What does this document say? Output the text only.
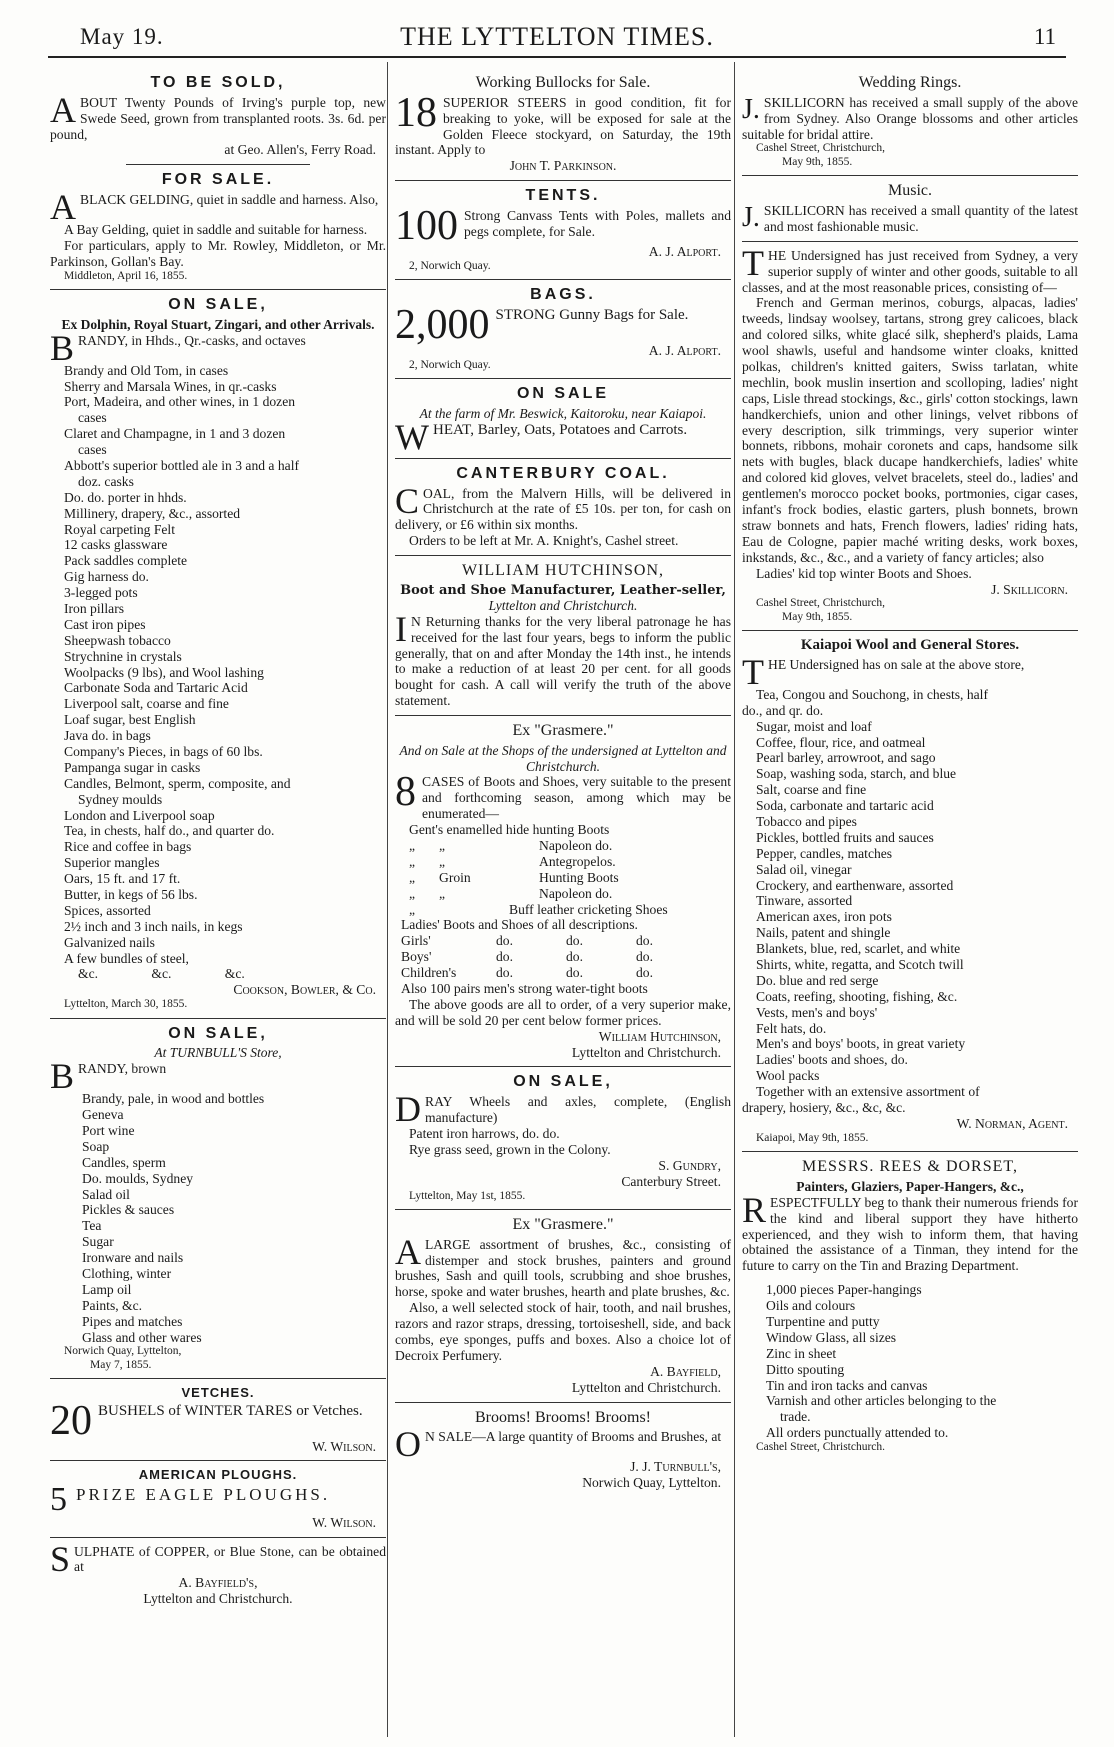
May 19.	THE LYTTELTON TIMES.	11
TO BE SOLD,

ABOUT Twenty Pounds of Irving's purple top, new Swede Seed, grown from transplanted roots. 3s. 6d. per pound,

at Geo. Allen's, Ferry Road.
FOR SALE.

ABLACK GELDING, quiet in saddle and harness. Also,

A Bay Gelding, quiet in saddle and suitable for harness.

For particulars, apply to Mr. Rowley, Middleton, or Mr. Parkinson, Gollan's Bay.

Middleton, April 16, 1855.
ON SALE,
Ex Dolphin, Royal Stuart, Zingari, and other Arrivals.

BRANDY, in Hhds., Qr.-casks, and octaves

Brandy and Old Tom, in cases
Sherry and Marsala Wines, in qr.-casks
Port, Madeira, and other wines, in 1 dozen
cases
Claret and Champagne, in 1 and 3 dozen
cases
Abbott's superior bottled ale in 3 and a half
doz. casks
Do. do. porter in hhds.
Millinery, drapery, &c., assorted
Royal carpeting Felt
12 casks glassware
Pack saddles complete
Gig harness do.
3-legged pots
Iron pillars
Cast iron pipes
Sheepwash tobacco
Strychnine in crystals
Woolpacks (9 lbs), and Wool lashing
Carbonate Soda and Tartaric Acid
Liverpool salt, coarse and fine
Loaf sugar, best English
Java do. in bags
Company's Pieces, in bags of 60 lbs.
Pampanga sugar in casks
Candles, Belmont, sperm, composite, and
Sydney moulds
London and Liverpool soap
Tea, in chests, half do., and quarter do.
Rice and coffee in bags
Superior mangles
Oars, 15 ft. and 17 ft.
Butter, in kegs of 56 lbs.
Spices, assorted
2½ inch and 3 inch nails, in kegs
Galvanized nails
A few bundles of steel,
&c. &c. &c.
Cookson, Bowler, & Co.
Lyttelton, March 30, 1855.
ON SALE,
At TURNBULL'S Store,

BRANDY, brown

Brandy, pale, in wood and bottles
Geneva
Port wine
Soap
Candles, sperm
Do. moulds, Sydney
Salad oil
Pickles & sauces
Tea
Sugar
Ironware and nails
Clothing, winter
Lamp oil
Paints, &c.
Pipes and matches
Glass and other wares
Norwich Quay, Lyttelton,
May 7, 1855.
VETCHES.

20 BUSHELS of WINTER TARES or Vetches.

W. Wilson.
AMERICAN PLOUGHS.

5 PRIZE EAGLE PLOUGHS.

W. Wilson.

SULPHATE of COPPER, or Blue Stone, can be obtained at

A. Bayfield's,
Lyttelton and Christchurch.
Working Bullocks for Sale.

18 SUPERIOR STEERS in good condition, fit for breaking to yoke, will be exposed for sale at the Golden Fleece stockyard, on Saturday, the 19th instant. Apply to

John T. Parkinson.
TENTS.

100 Strong Canvass Tents with Poles, mallets and pegs complete, for Sale.

A. J. Alport.
2, Norwich Quay.
BAGS.

2,000 STRONG Gunny Bags for Sale.

A. J. Alport.
2, Norwich Quay.
ON SALE
At the farm of Mr. Beswick, Kaitoroku, near Kaiapoi.

WHEAT, Barley, Oats, Potatoes and Carrots.

CANTERBURY COAL.

COAL, from the Malvern Hills, will be delivered in Christchurch at the rate of £5 10s. per ton, for cash on delivery, or £6 within six months.

Orders to be left at Mr. A. Knight's, Cashel street.

WILLIAM HUTCHINSON,
Boot and Shoe Manufacturer, Leather-seller,
Lyttelton and Christchurch.

I N Returning thanks for the very liberal patronage he has received for the last four years, begs to inform the public generally, that on and after Monday the 14th inst., he intends to make a reduction of at least 20 per cent. for all goods bought for cash. A call will verify the truth of the above statement.

Ex "Grasmere."
And on Sale at the Shops of the undersigned at Lyttelton and Christchurch.

8 CASES of Boots and Shoes, very suitable to the present and forthcoming season, among which may be enumerated—

Gent's enamelled hide hunting Boots
„	„	Napoleon do.
„	„	Antegropelos.
„	Groin	Hunting Boots
„	„	Napoleon do.
„	Buff leather cricketing Shoes
Ladies' Boots and Shoes of all descriptions.
Girls'	do.	do.	do.
Boys'	do.	do.	do.
Children's	do.	do.	do.
Also 100 pairs men's strong water-tight boots

The above goods are all to order, of a very superior make, and will be sold 20 per cent below former prices.

William Hutchinson,
Lyttelton and Christchurch.
ON SALE,

DRAY Wheels and axles, complete, (English manufacture)

Patent iron harrows, do. do.
Rye grass seed, grown in the Colony.
S. Gundry,
Canterbury Street.
Lyttelton, May 1st, 1855.
Ex "Grasmere."

ALARGE assortment of brushes, &c., consisting of distemper and stock brushes, painters and ground brushes, Sash and quill tools, scrubbing and shoe brushes, horse, spoke and water brushes, hearth and plate brushes, &c.

Also, a well selected stock of hair, tooth, and nail brushes, razors and razor straps, dressing, tortoiseshell, side, and back combs, eye sponges, puffs and boxes. Also a choice lot of Decroix Perfumery.

A. Bayfield,
Lyttelton and Christchurch.
Brooms! Brooms! Brooms!

O N SALE—A large quantity of Brooms and Brushes, at

J. J. Turnbull's,
Norwich Quay, Lyttelton.
Wedding Rings.

J. SKILLICORN has received a small supply of the above from Sydney. Also Orange blossoms and other articles suitable for bridal attire.

Cashel Street, Christchurch,
May 9th, 1855.
Music.

J. SKILLICORN has received a small quantity of the latest and most fashionable music.

THE Undersigned has just received from Sydney, a very superior supply of winter and other goods, suitable to all classes, and at the most reasonable prices, consisting of—

French and German merinos, coburgs, alpacas, ladies' tweeds, lindsay woolsey, tartans, strong grey calicoes, black and colored silks, white glacé silk, shepherd's plaids, Lama wool shawls, useful and handsome winter cloaks, knitted polkas, children's knitted gaiters, Swiss tarlatan, white mechlin, book muslin insertion and scolloping, ladies' night caps, Lisle thread stockings, &c., girls' cotton stockings, lawn handkerchiefs, union and other linings, velvet ribbons of every description, silk trimmings, very superior winter bonnets, ribbons, mohair coronets and caps, handsome silk nets with bugles, black ducape handkerchiefs, ladies' white and colored kid gloves, velvet bracelets, steel do., ladies' and gentlemen's morocco pocket books, portmonies, cigar cases, infant's frock bodies, elastic garters, plush bonnets, brown straw bonnets and hats, French flowers, ladies' riding hats, Eau de Cologne, papier maché writing desks, work boxes, inkstands, &c., &c., and a variety of fancy articles; also

Ladies' kid top winter Boots and Shoes.

J. Skillicorn.
Cashel Street, Christchurch,
May 9th, 1855.
Kaiapoi Wool and General Stores.

THE Undersigned has on sale at the above store,

Tea, Congou and Souchong, in chests, half
do., and qr. do.
Sugar, moist and loaf
Coffee, flour, rice, and oatmeal
Pearl barley, arrowroot, and sago
Soap, washing soda, starch, and blue
Salt, coarse and fine
Soda, carbonate and tartaric acid
Tobacco and pipes
Pickles, bottled fruits and sauces
Pepper, candles, matches
Salad oil, vinegar
Crockery, and earthenware, assorted
Tinware, assorted
American axes, iron pots
Nails, patent and shingle
Blankets, blue, red, scarlet, and white
Shirts, white, regatta, and Scotch twill
Do. blue and red serge
Coats, reefing, shooting, fishing, &c.
Vests, men's and boys'
Felt hats, do.
Men's and boys' boots, in great variety
Ladies' boots and shoes, do.
Wool packs
Together with an extensive assortment of
drapery, hosiery, &c., &c, &c.
W. Norman, Agent.
Kaiapoi, May 9th, 1855.
MESSRS. REES & DORSET,
Painters, Glaziers, Paper-Hangers, &c.,

RESPECTFULLY beg to thank their numerous friends for the kind and liberal support they have hitherto experienced, and they wish to inform them, that having obtained the assistance of a Tinman, they intend for the future to carry on the Tin and Brazing Department.

1,000 pieces Paper-hangings
Oils and colours
Turpentine and putty
Window Glass, all sizes
Zinc in sheet
Ditto spouting
Tin and iron tacks and canvas
Varnish and other articles belonging to the
trade.
All orders punctually attended to.
Cashel Street, Christchurch.
